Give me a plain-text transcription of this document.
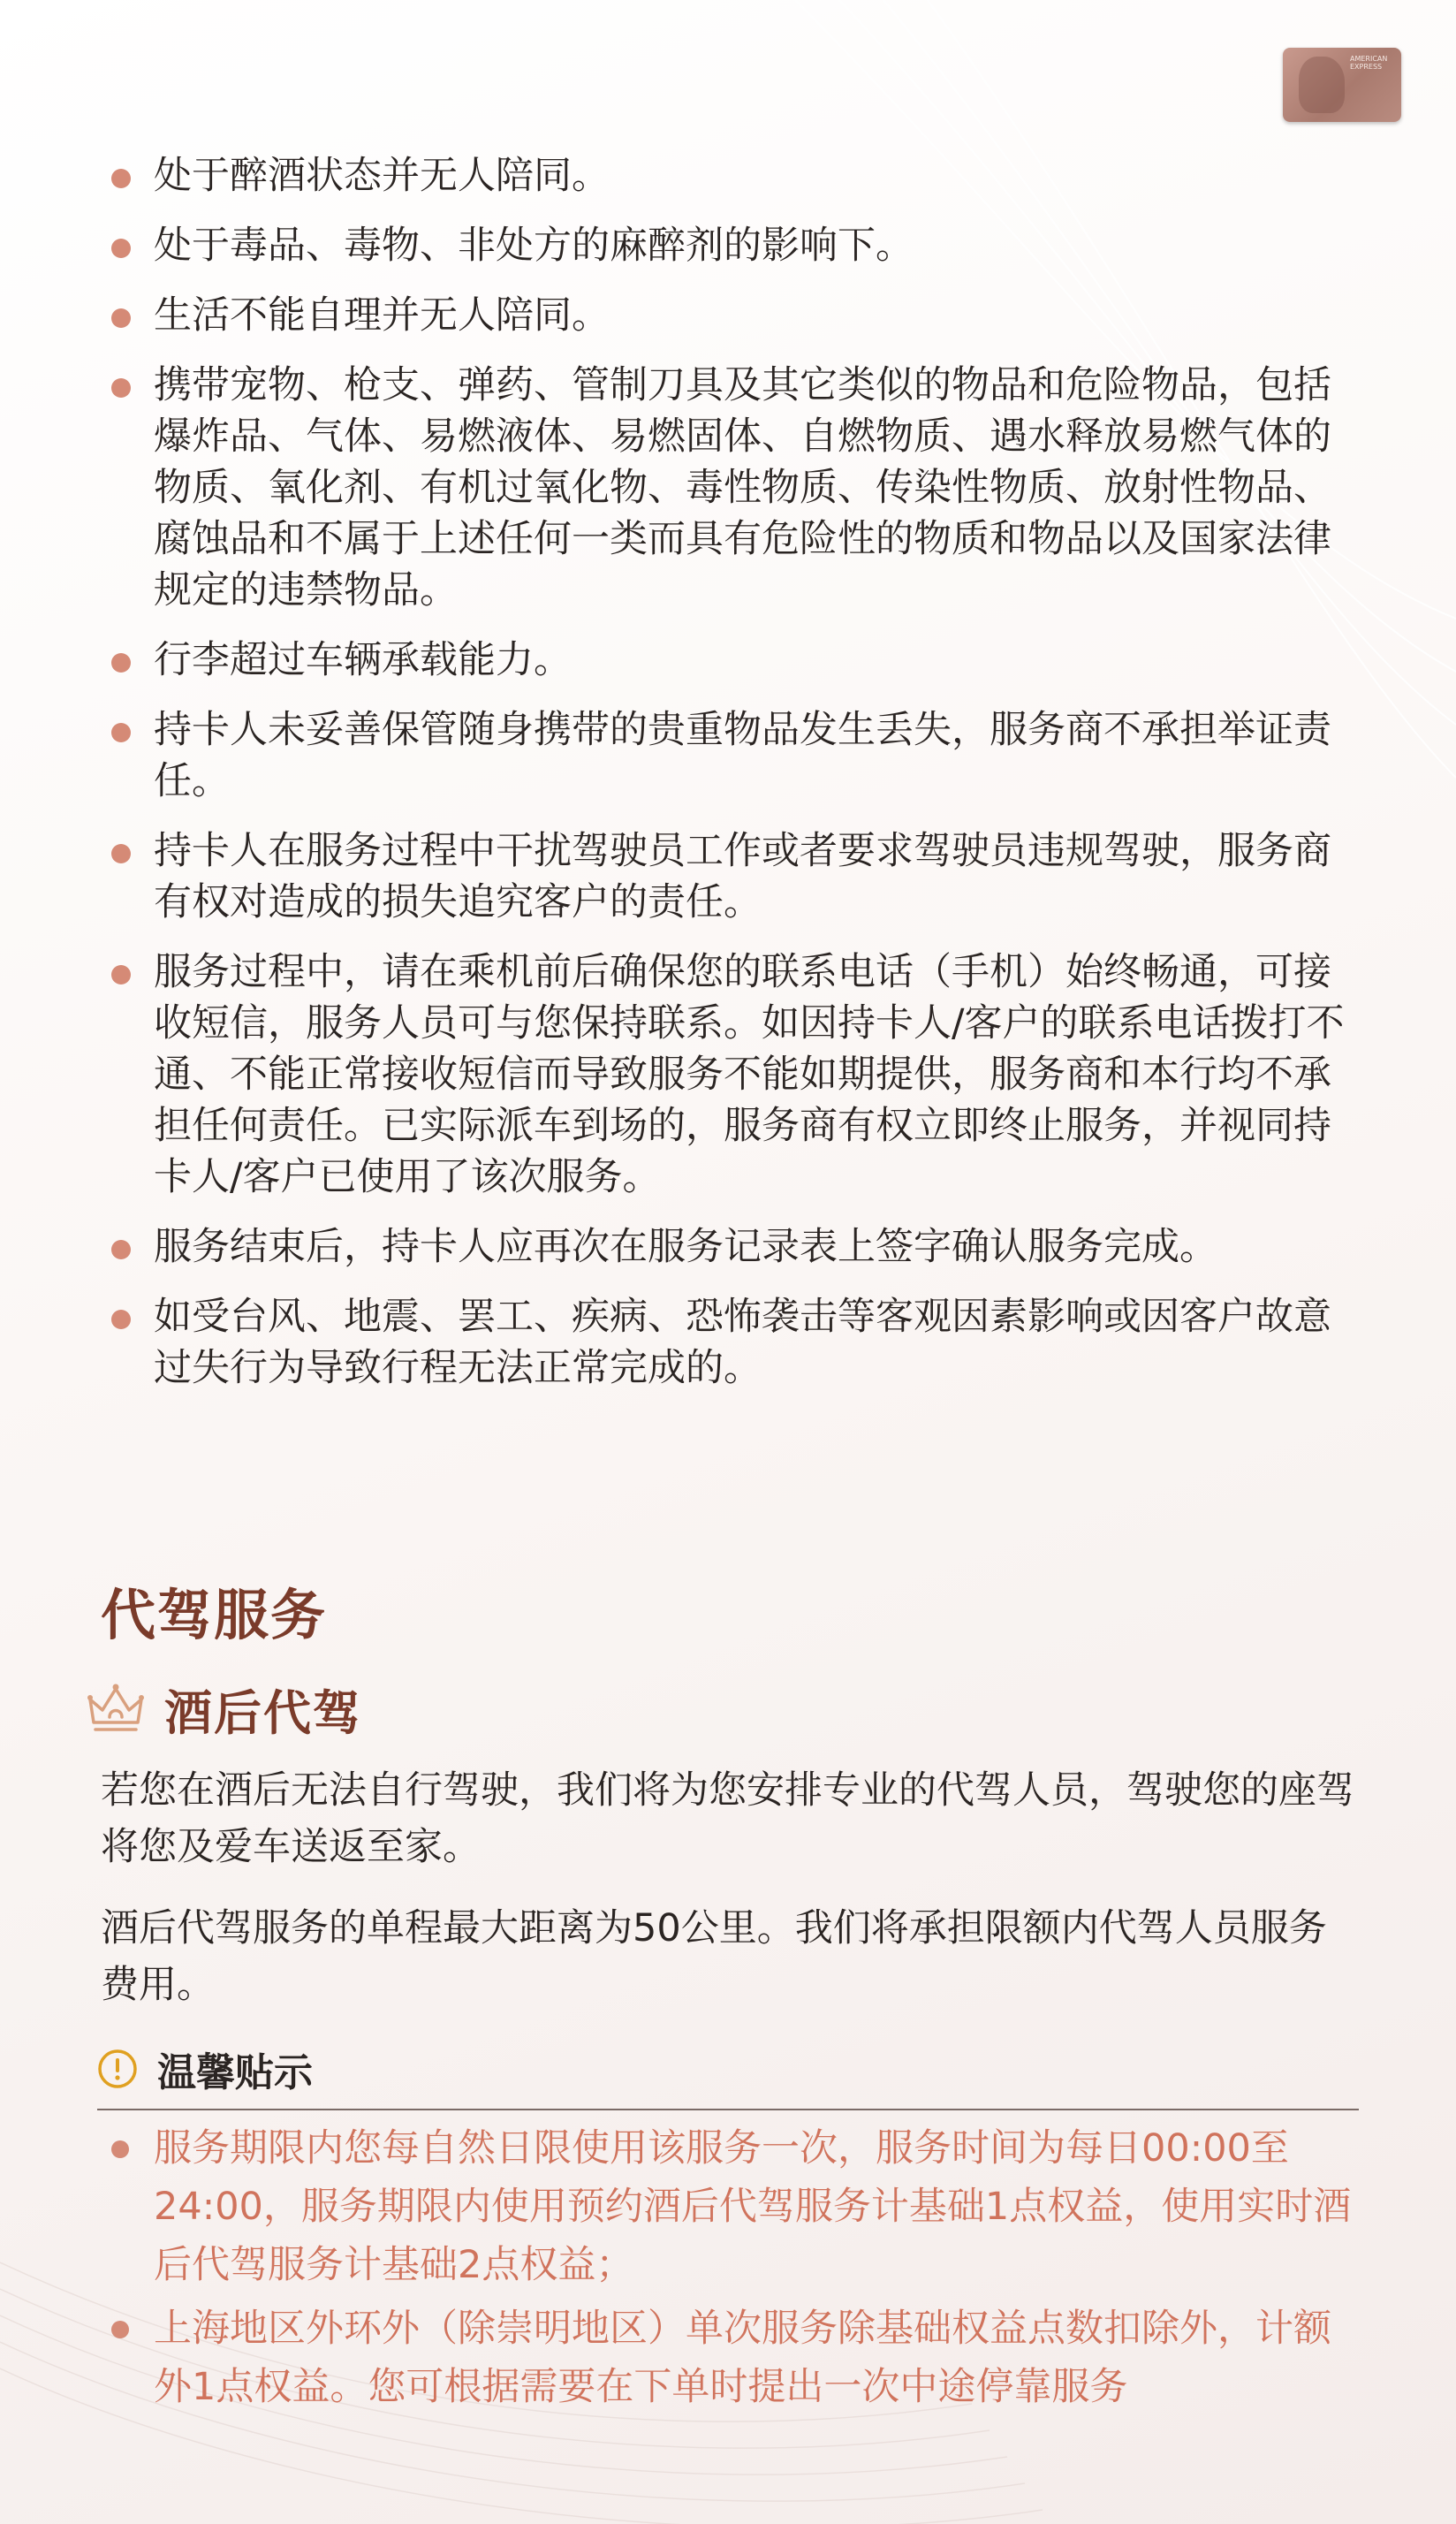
AMERICAN
EXPRESS
处于醉酒状态并无人陪同。
处于毒品、毒物、非处方的麻醉剂的影响下。
生活不能自理并无人陪同。
携带宠物、枪支、弹药、管制刀具及其它类似的物品和危险物品，包括爆炸品、气体、易燃液体、易燃固体、自燃物质、遇水释放易燃气体的物质、氧化剂、有机过氧化物、毒性物质、传染性物质、放射性物品、腐蚀品和不属于上述任何一类而具有危险性的物质和物品以及国家法律规定的违禁物品。
行李超过车辆承载能力。
持卡人未妥善保管随身携带的贵重物品发生丢失，服务商不承担举证责任。
持卡人在服务过程中干扰驾驶员工作或者要求驾驶员违规驾驶，服务商有权对造成的损失追究客户的责任。
服务过程中，请在乘机前后确保您的联系电话（手机）始终畅通，可接收短信，服务人员可与您保持联系。如因持卡人/客户的联系电话拨打不通、不能正常接收短信而导致服务不能如期提供，服务商和本行均不承担任何责任。已实际派车到场的，服务商有权立即终止服务，并视同持卡人/客户已使用了该次服务。
服务结束后，持卡人应再次在服务记录表上签字确认服务完成。
如受台风、地震、罢工、疾病、恐怖袭击等客观因素影响或因客户故意过失行为导致行程无法正常完成的。
代驾服务
酒后代驾
若您在酒后无法自行驾驶，我们将为您安排专业的代驾人员，驾驶您的座驾将您及爱车送返至家。
酒后代驾服务的单程最大距离为50公里。我们将承担限额内代驾人员服务费用。
温馨贴示
服务期限内您每自然日限使用该服务一次，服务时间为每日00:00至24:00，服务期限内使用预约酒后代驾服务计基础1点权益，使用实时酒后代驾服务计基础2点权益；
上海地区外环外（除崇明地区）单次服务除基础权益点数扣除外，计额外1点权益。您可根据需要在下单时提出一次中途停靠服务
